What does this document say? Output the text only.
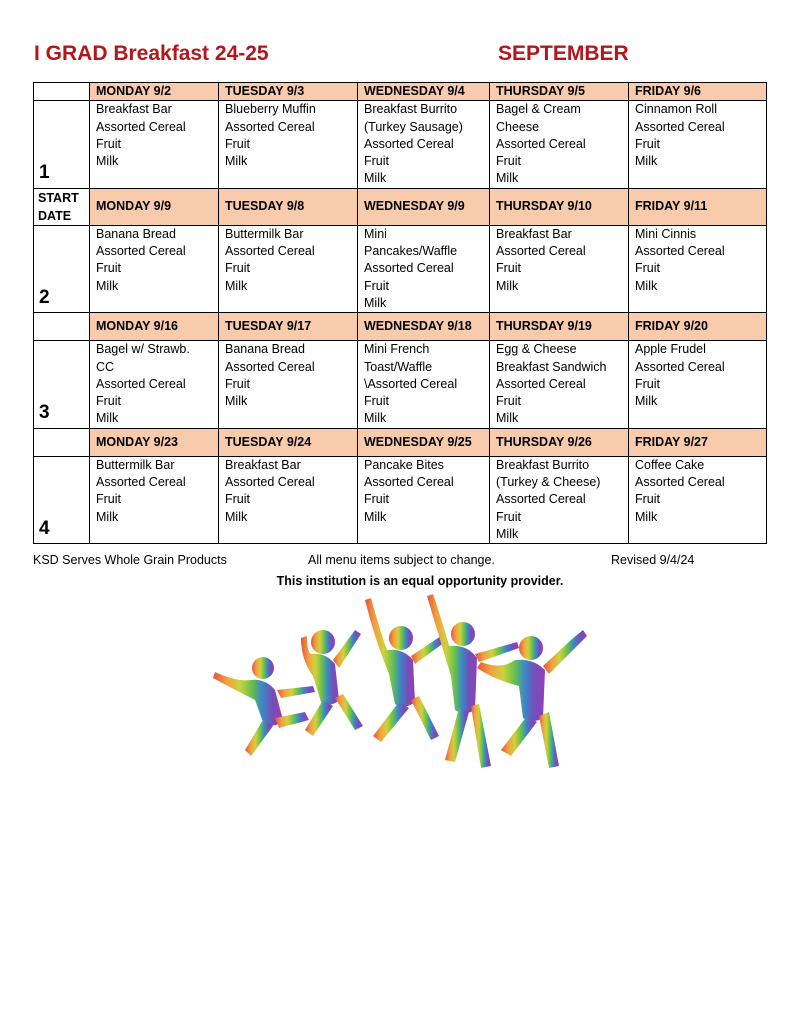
I GRAD Breakfast 24-25	SEPTEMBER
	MONDAY 9/2	TUESDAY 9/3	WEDNESDAY 9/4	THURSDAY 9/5	FRIDAY 9/6
1	Breakfast Bar
Assorted Cereal
Fruit
Milk	Blueberry Muffin
Assorted Cereal
Fruit
Milk	Breakfast Burrito
(Turkey Sausage)
Assorted Cereal
Fruit
Milk	Bagel & Cream
Cheese
Assorted Cereal
Fruit
Milk	Cinnamon Roll
Assorted Cereal
Fruit
Milk

START DATE	MONDAY 9/9	TUESDAY 9/8	WEDNESDAY 9/9	THURSDAY 9/10	FRIDAY 9/11
2	Banana Bread
Assorted Cereal
Fruit
Milk	Buttermilk Bar
Assorted Cereal
Fruit
Milk	Mini
Pancakes/Waffle
Assorted Cereal
Fruit
Milk	Breakfast Bar
Assorted Cereal
Fruit
Milk	Mini Cinnis
Assorted Cereal
Fruit
Milk

	MONDAY 9/16	TUESDAY 9/17	WEDNESDAY 9/18	THURSDAY 9/19	FRIDAY 9/20
3	Bagel w/ Strawb.
CC
Assorted Cereal
Fruit
Milk	Banana Bread
Assorted Cereal
Fruit
Milk	Mini French
Toast/Waffle
\Assorted Cereal
Fruit
Milk	Egg & Cheese
Breakfast Sandwich
Assorted Cereal
Fruit
Milk	Apple Frudel
Assorted Cereal
Fruit
Milk

	MONDAY 9/23	TUESDAY 9/24	WEDNESDAY 9/25	THURSDAY 9/26	FRIDAY 9/27
4	Buttermilk Bar
Assorted Cereal
Fruit
Milk	Breakfast Bar
Assorted Cereal
Fruit
Milk	Pancake Bites
Assorted Cereal
Fruit
Milk	Breakfast Burrito
(Turkey & Cheese)
Assorted Cereal
Fruit
Milk	Coffee Cake
Assorted Cereal
Fruit
Milk
KSD Serves Whole Grain Products	All menu items subject to change.	Revised 9/4/24
This institution is an equal opportunity provider.
